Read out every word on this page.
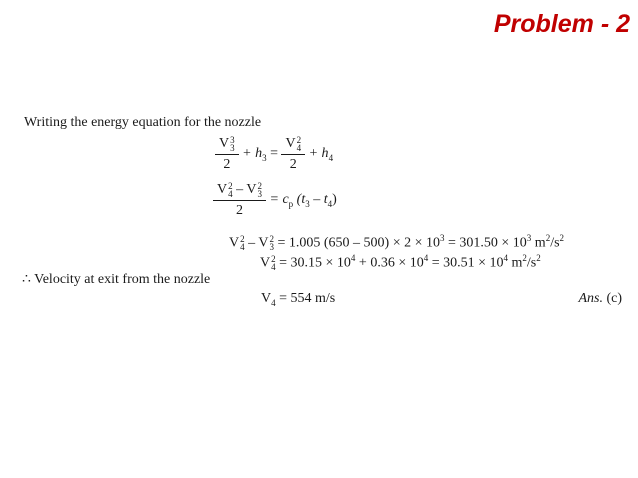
Problem - 2
Writing the energy equation for the nozzle
V 3
3
$2 + h_3 = V$ 2
4
$2 + h_4$
V 2
4 – V 2
3
$2 = c_p$ $(t_3 - t_4)$
V 2
4 – V 2
3 = 1.005 $(650 - 500) \times 2 \times 10^3 = 301.50 \times 10^3$ $m^2/s^2$
V 2
$4 = 30.15 \times 10^4 + 0.36 \times 10^4 = 30.51 \times 10^4$ $m^2/s^2$
∴ Velocity at exit from the nozzle
$V_4 = 554$ m/s	Ans. (c)
